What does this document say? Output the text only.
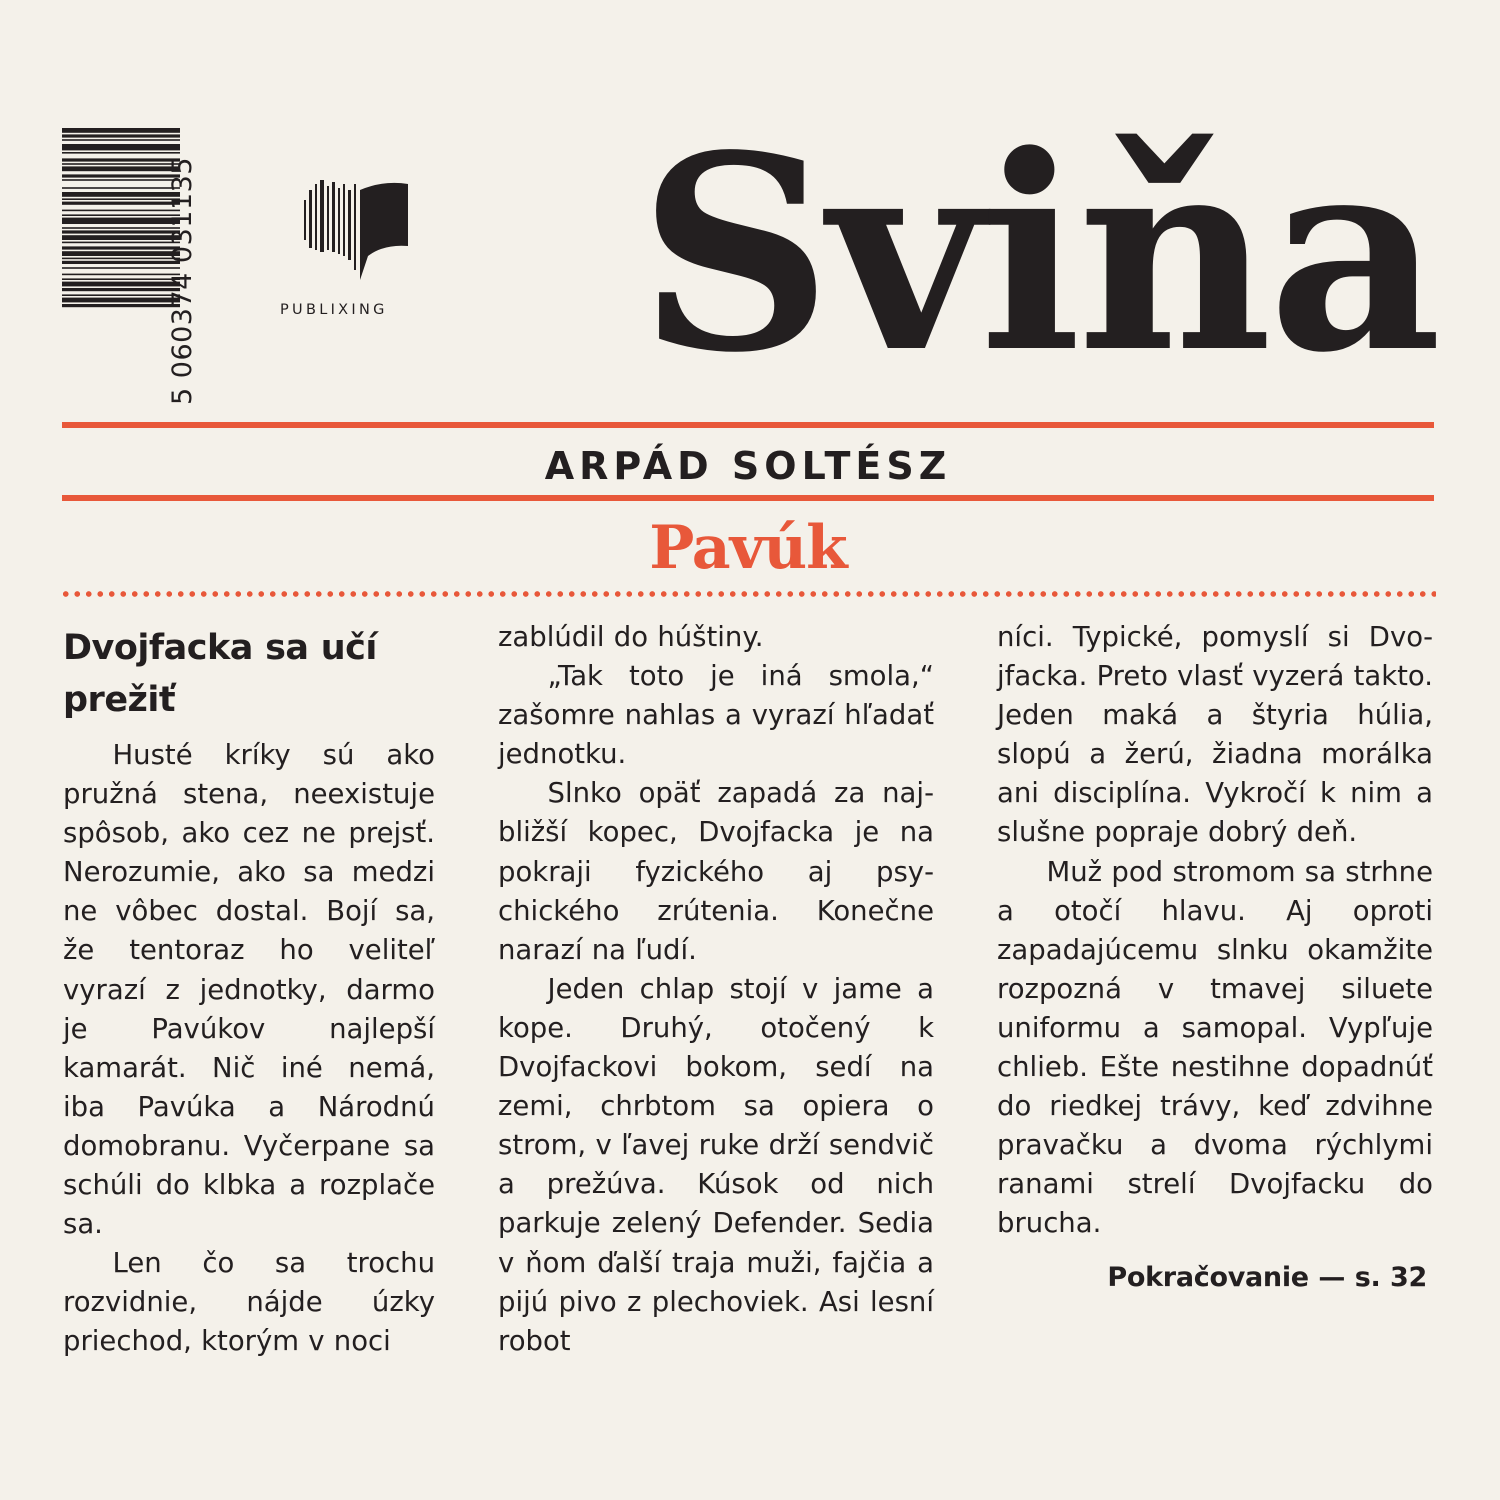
5 060374 031135	PUBLIXING Sviňa
ARPÁD SOLTÉSZ
Pavúk
Dvojfacka sa učí prežiť

Husté kríky sú ako pružná stena, neexistuje spôsob, ako cez ne prejsť. Nerozumie, ako sa medzi ne vôbec dostal. Bojí sa, že tentoraz ho veliteľ vyrazí z jednotky, darmo je Pavúkov najlepší kamarát. Nič iné nemá, iba Pavúka a Národnú domobranu. Vyčerpane sa schúli do klbka a rozplače sa.

Len čo sa trochu rozvidnie, nájde úzky priechod, ktorým v noci

zablúdil do húštiny.

„Tak toto je iná smola,“ zašomre nahlas a vyrazí hľadať jednotku.

Slnko opäť zapadá za najbližší kopec, Dvojfacka je na pokraji fyzického aj psychického zrútenia. Konečne narazí na ľudí.

Jeden chlap stojí v jame a kope. Druhý, otočený k Dvojfackovi bokom, sedí na zemi, chrbtom sa opiera o strom, v ľavej ruke drží sendvič a prežúva. Kúsok od nich parkuje zelený Defender. Sedia v ňom ďalší traja muži, fajčia a pijú pivo z plechoviek. Asi lesní robot

níci. Typické, pomyslí si Dvojfacka. Preto vlasť vyzerá takto. Jeden maká a štyria húlia, slopú a žerú, žiadna morálka ani disciplína. Vykročí k nim a slušne popraje dobrý deň.

Muž pod stromom sa strhne a otočí hlavu. Aj oproti zapadajúcemu slnku okamžite rozpozná v tmavej siluete uniformu a samopal. Vypľuje chlieb. Ešte nestihne dopadnúť do riedkej trávy, keď zdvihne pravačku a dvoma rýchlymi ranami strelí Dvojfacku do brucha.

Pokračovanie — s. 32
